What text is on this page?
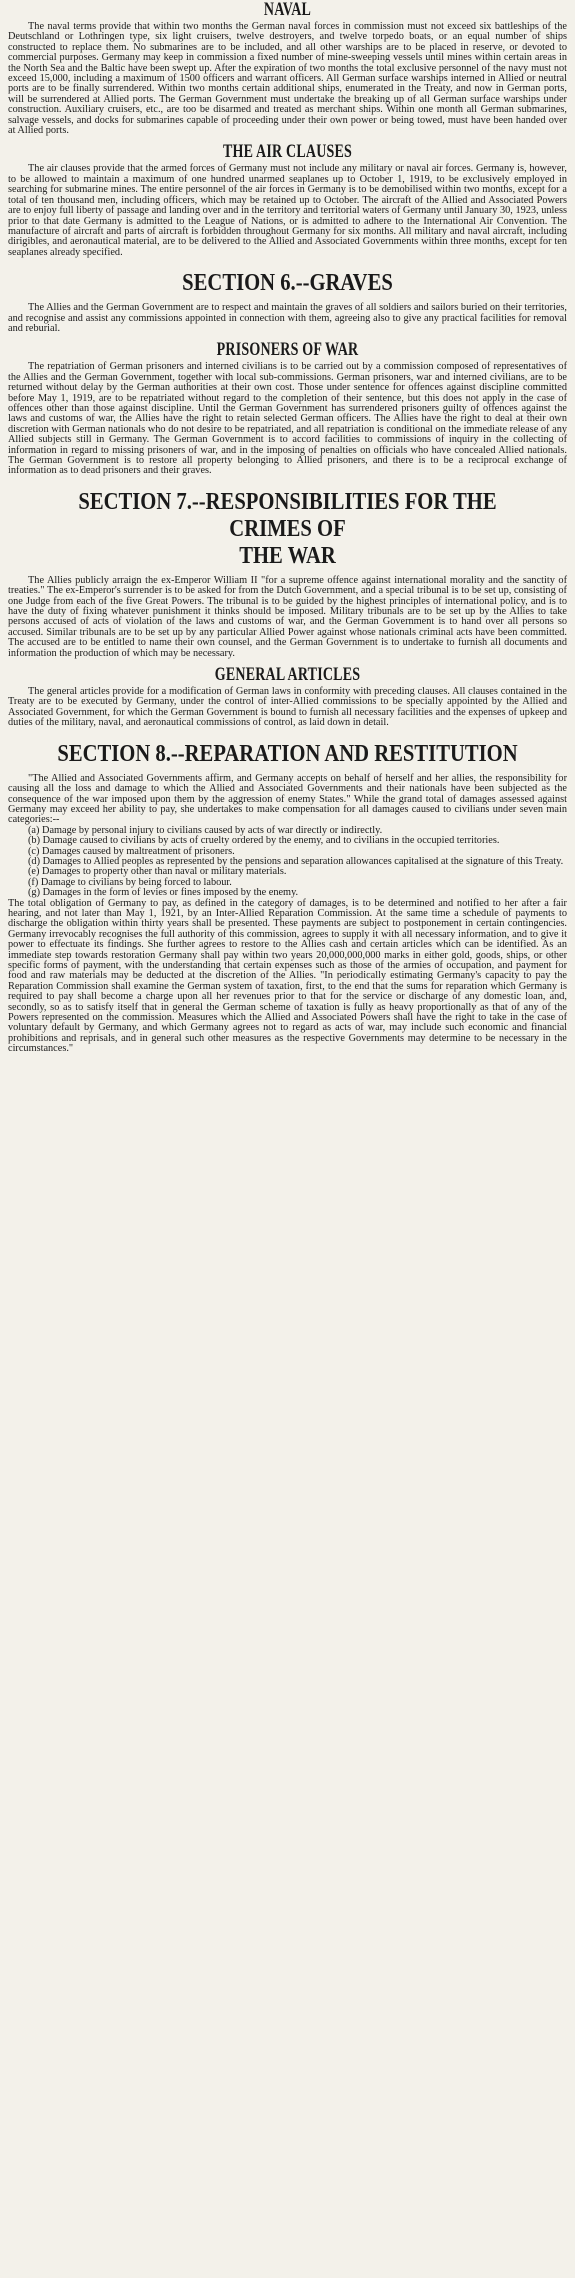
NAVAL

The naval terms provide that within two months the German naval forces in commission must not exceed six battleships of the Deutschland or Lothringen type, six light cruisers, twelve destroyers, and twelve torpedo boats, or an equal number of ships constructed to replace them. No submarines are to be included, and all other warships are to be placed in reserve, or devoted to commercial purposes. Germany may keep in commission a fixed number of mine-sweeping vessels until mines within certain areas in the North Sea and the Baltic have been swept up. After the expiration of two months the total exclusive personnel of the navy must not exceed 15,000, including a maximum of 1500 officers and warrant officers. All German surface warships interned in Allied or neutral ports are to be finally surrendered. Within two months certain additional ships, enumerated in the Treaty, and now in German ports, will be surrendered at Allied ports. The German Government must undertake the breaking up of all German surface warships under construction. Auxiliary cruisers, etc., are too be disarmed and treated as merchant ships. Within one month all German submarines, salvage vessels, and docks for submarines capable of proceeding under their own power or being towed, must have been handed over at Allied ports.

THE AIR CLAUSES

The air clauses provide that the armed forces of Germany must not include any military or naval air forces. Germany is, however, to be allowed to maintain a maximum of one hundred unarmed seaplanes up to October 1, 1919, to be exclusively employed in searching for submarine mines. The entire personnel of the air forces in Germany is to be demobilised within two months, except for a total of ten thousand men, including officers, which may be retained up to October. The aircraft of the Allied and Associated Powers are to enjoy full liberty of passage and landing over and in the territory and territorial waters of Germany until January 30, 1923, unless prior to that date Germany is admitted to the League of Nations, or is admitted to adhere to the International Air Convention. The manufacture of aircraft and parts of aircraft is forbidden throughout Germany for six months. All military and naval aircraft, including dirigibles, and aeronautical material, are to be delivered to the Allied and Associated Governments within three months, except for ten seaplanes already specified.

SECTION 6.--GRAVES

The Allies and the German Government are to respect and maintain the graves of all soldiers and sailors buried on their territories, and recognise and assist any commissions appointed in connection with them, agreeing also to give any practical facilities for removal and reburial.

PRISONERS OF WAR

The repatriation of German prisoners and interned civilians is to be carried out by a commission composed of representatives of the Allies and the German Government, together with local sub-commissions. German prisoners, war and interned civilians, are to be returned without delay by the German authorities at their own cost. Those under sentence for offences against discipline committed before May 1, 1919, are to be repatriated without regard to the completion of their sentence, but this does not apply in the case of offences other than those against discipline. Until the German Government has surrendered prisoners guilty of offences against the laws and customs of war, the Allies have the right to retain selected German officers. The Allies have the right to deal at their own discretion with German nationals who do not desire to be repatriated, and all repatriation is conditional on the immediate release of any Allied subjects still in Germany. The German Government is to accord facilities to commissions of inquiry in the collecting of information in regard to missing prisoners of war, and in the imposing of penalties on officials who have concealed Allied nationals. The German Government is to restore all property belonging to Allied prisoners, and there is to be a reciprocal exchange of information as to dead prisoners and their graves.

SECTION 7.--RESPONSIBILITIES FOR THE CRIMES OF
THE WAR

The Allies publicly arraign the ex-Emperor William II "for a supreme offence against international morality and the sanctity of treaties." The ex-Emperor's surrender is to be asked for from the Dutch Government, and a special tribunal is to be set up, consisting of one Judge from each of the five Great Powers. The tribunal is to be guided by the highest principles of international policy, and is to have the duty of fixing whatever punishment it thinks should be imposed. Military tribunals are to be set up by the Allies to take persons accused of acts of violation of the laws and customs of war, and the German Government is to hand over all persons so accused. Similar tribunals are to be set up by any particular Allied Power against whose nationals criminal acts have been committed. The accused are to be entitled to name their own counsel, and the German Government is to undertake to furnish all documents and information the production of which may be necessary.

GENERAL ARTICLES

The general articles provide for a modification of German laws in conformity with preceding clauses. All clauses contained in the Treaty are to be executed by Germany, under the control of inter-Allied commissions to be specially appointed by the Allied and Associated Government, for which the German Government is bound to furnish all necessary facilities and the expenses of upkeep and duties of the military, naval, and aeronautical commissions of control, as laid down in detail.

SECTION 8.--REPARATION AND RESTITUTION

"The Allied and Associated Governments affirm, and Germany accepts on behalf of herself and her allies, the responsibility for causing all the loss and damage to which the Allied and Associated Governments and their nationals have been subjected as the consequence of the war imposed upon them by the aggression of enemy States." While the grand total of damages assessed against Germany may exceed her ability to pay, she undertakes to make compensation for all damages caused to civilians under seven main categories:--

(a) Damage by personal injury to civilians caused by acts of war directly or indirectly.
(b) Damage caused to civilians by acts of cruelty ordered by the enemy, and to civilians in the occupied territories.
(c) Damages caused by maltreatment of prisoners.
(d) Damages to Allied peoples as represented by the pensions and separation allowances capitalised at the signature of this Treaty.
(e) Damages to property other than naval or military materials.
(f) Damage to civilians by being forced to labour.
(g) Damages in the form of levies or fines imposed by the enemy.

The total obligation of Germany to pay, as defined in the category of damages, is to be determined and notified to her after a fair hearing, and not later than May 1, 1921, by an Inter-Allied Reparation Commission. At the same time a schedule of payments to discharge the obligation within thirty years shall be presented. These payments are subject to postponement in certain contingencies. Germany irrevocably recognises the full authority of this commission, agrees to supply it with all necessary information, and to give it power to effectuate its findings. She further agrees to restore to the Allies cash and certain articles which can be identified. As an immediate step towards restoration Germany shall pay within two years 20,000,000,000 marks in either gold, goods, ships, or other specific forms of payment, with the understanding that certain expenses such as those of the armies of occupation, and payment for food and raw materials may be deducted at the discretion of the Allies. "In periodically estimating Germany's capacity to pay the Reparation Commission shall examine the German system of taxation, first, to the end that the sums for reparation which Germany is required to pay shall become a charge upon all her revenues prior to that for the service or discharge of any domestic loan, and, secondly, so as to satisfy itself that in general the German scheme of taxation is fully as heavy proportionally as that of any of the Powers represented on the commission. Measures which the Allied and Associated Powers shall have the right to take in the case of voluntary default by Germany, and which Germany agrees not to regard as acts of war, may include such economic and financial prohibitions and reprisals, and in general such other measures as the respective Governments may determine to be necessary in the circumstances."
